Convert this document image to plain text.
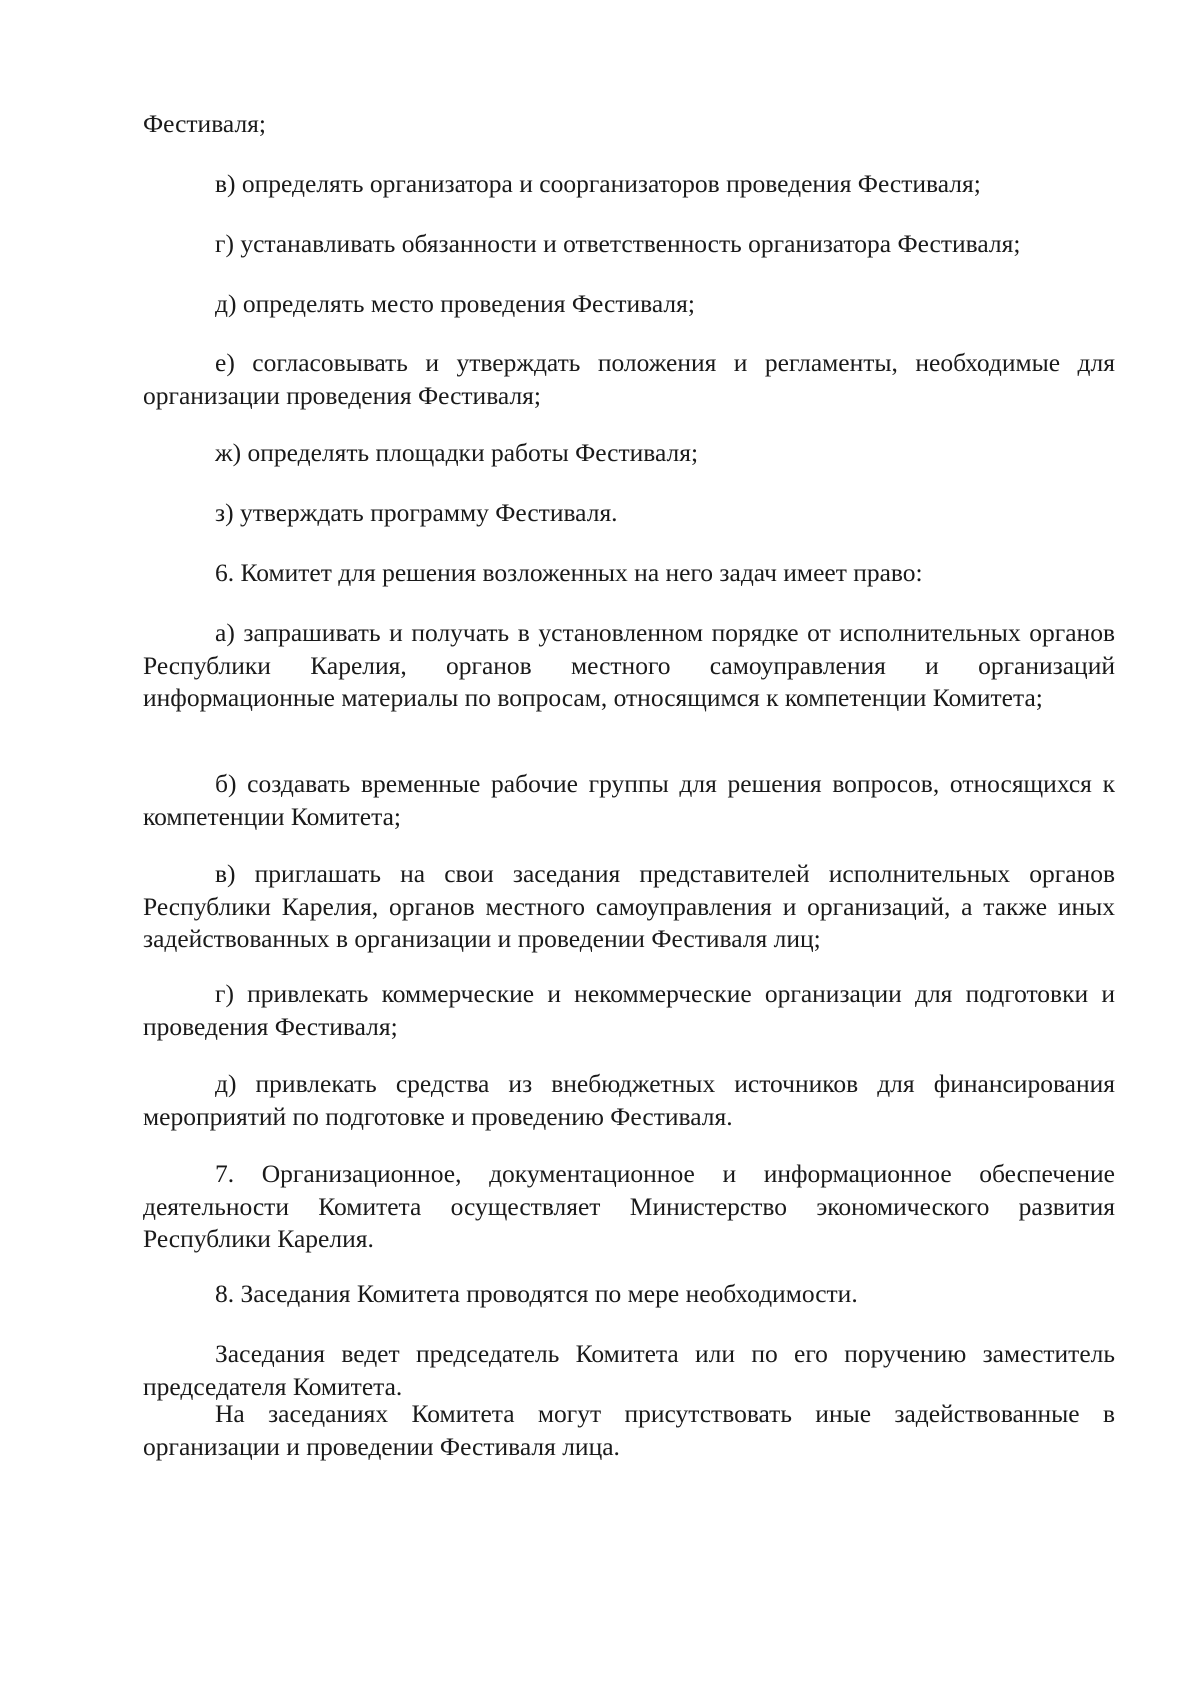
Фестиваля;

в) определять организатора и соорганизаторов проведения Фестиваля;

г) устанавливать обязанности и ответственность организатора Фестиваля;

д) определять место проведения Фестиваля;

е) согласовывать и утверждать положения и регламенты, необходимые для организации проведения Фестиваля;

ж) определять площадки работы Фестиваля;

з) утверждать программу Фестиваля.

6. Комитет для решения возложенных на него задач имеет право:

а) запрашивать и получать в установленном порядке от исполнительных органов Республики Карелия, органов местного самоуправления и организаций информационные материалы по вопросам, относящимся к компетенции Комитета;

б) создавать временные рабочие группы для решения вопросов, относящихся к компетенции Комитета;

в) приглашать на свои заседания представителей исполнительных органов Республики Карелия, органов местного самоуправления и организаций, а также иных задействованных в организации и проведении Фестиваля лиц;

г) привлекать коммерческие и некоммерческие организации для подготовки и проведения Фестиваля;

д) привлекать средства из внебюджетных источников для финансирования мероприятий по подготовке и проведению Фестиваля.

7. Организационное, документационное и информационное обеспечение деятельности Комитета осуществляет Министерство экономического развития Республики Карелия.

8. Заседания Комитета проводятся по мере необходимости.

Заседания ведет председатель Комитета или по его поручению заместитель председателя Комитета.

На заседаниях Комитета могут присутствовать иные задействованные в организации и проведении Фестиваля лица.
